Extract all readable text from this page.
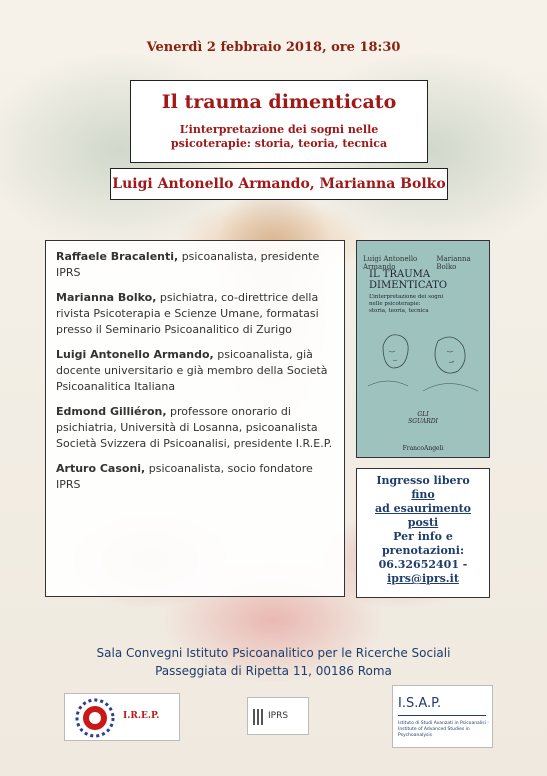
Venerdì 2 febbraio 2018, ore 18:30
Il trauma dimenticato
L’interpretazione dei sogni nelle
psicoterapie: storia, teoria, tecnica
Luigi Antonello Armando, Marianna Bolko
Raffaele Bracalenti, psicoanalista, presidente IPRS
Marianna Bolko, psichiatra, co-direttrice della rivista Psicoterapia e Scienze Umane, formatasi presso il Seminario Psicoanalitico di Zurigo
Luigi Antonello Armando, psicoanalista, già docente universitario e già membro della Società Psicoanalitica Italiana
Edmond Gilliéron, professore onorario di psichiatria, Università di Losanna, psicoanalista Società Svizzera di Psicoanalisi, presidente I.R.E.P.
Arturo Casoni, psicoanalista, socio fondatore IPRS
Luigi Antonello Armando
Marianna Bolko
IL TRAUMA
DIMENTICATO
L’interpretazione dei sogni
nelle psicoterapie:
storia, teoria, tecnica
GLI
SGUARDI
FrancoAngeli
Ingresso libero fino
ad esaurimento
posti
Per info e
prenotazioni:
06.32652401 -
iprs@iprs.it
Sala Convegni Istituto Psicoanalitico per le Ricerche Sociali
Passeggiata di Ripetta 11, 00186 Roma
I.R.E.P.	IPRS
I.S.A.P.
Istituto di Studi Avanzati in Psicoanalisi · Institute of Advanced Studies in Psychoanalysis
